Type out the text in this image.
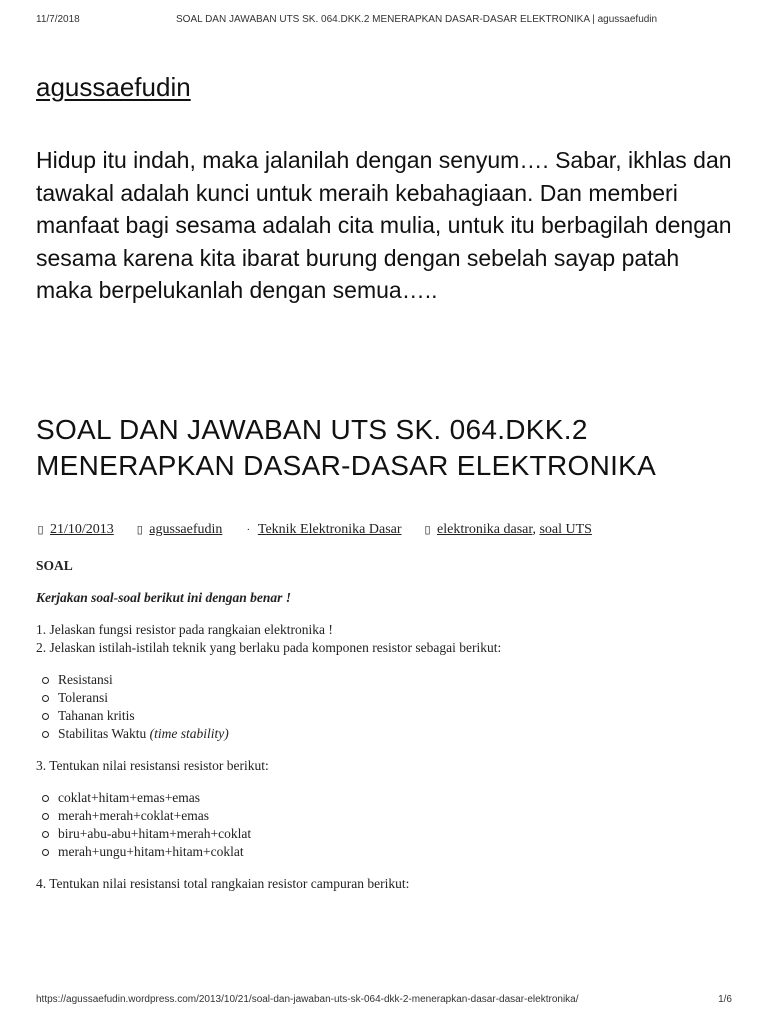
11/7/2018	SOAL DAN JAWABAN UTS SK. 064.DKK.2 MENERAPKAN DASAR-DASAR ELEKTRONIKA | agussaefudin
agussaefudin
Hidup itu indah, maka jalanilah dengan senyum…. Sabar, ikhlas dan tawakal adalah kunci untuk meraih kebahagiaan. Dan memberi manfaat bagi sesama adalah cita mulia, untuk itu berbagilah dengan sesama karena kita ibarat burung dengan sebelah sayap patah maka berpelukanlah dengan semua…..
SOAL DAN JAWABAN UTS SK. 064.DKK.2 MENERAPKAN DASAR-DASAR ELEKTRONIKA
▯ 21/10/2013 ▯ agussaefudin · Teknik Elektronika Dasar ▯ elektronika dasar, soal UTS

SOAL

Kerjakan soal-soal berikut ini dengan benar !

1. Jelaskan fungsi resistor pada rangkaian elektronika !

2. Jelaskan istilah-istilah teknik yang berlaku pada komponen resistor sebagai berikut:

Resistansi
Toleransi
Tahanan kritis
Stabilitas Waktu (time stability)

3. Tentukan nilai resistansi resistor berikut:

coklat+hitam+emas+emas
merah+merah+coklat+emas
biru+abu-abu+hitam+merah+coklat
merah+ungu+hitam+hitam+coklat

4. Tentukan nilai resistansi total rangkaian resistor campuran berikut:

https://agussaefudin.wordpress.com/2013/10/21/soal-dan-jawaban-uts-sk-064-dkk-2-menerapkan-dasar-dasar-elektronika/	1/6
